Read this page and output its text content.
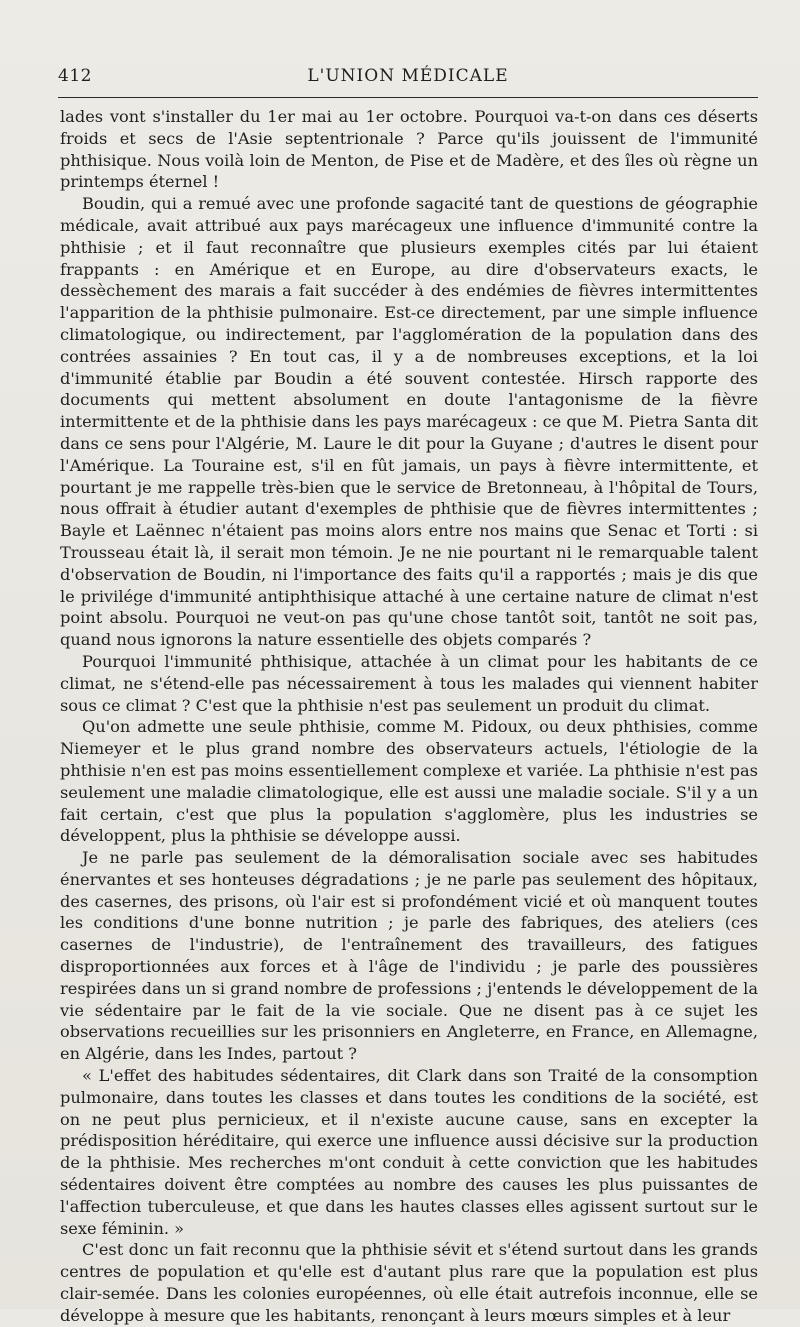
412	L'UNION MÉDICALE

lades vont s'installer du 1er mai au 1er octobre. Pourquoi va-t-on dans ces déserts froids et secs de l'Asie septentrionale ? Parce qu'ils jouissent de l'immunité phthisique. Nous voilà loin de Menton, de Pise et de Madère, et des îles où règne un printemps éternel !

Boudin, qui a remué avec une profonde sagacité tant de questions de géographie médicale, avait attribué aux pays marécageux une influence d'immunité contre la phthisie ; et il faut reconnaître que plusieurs exemples cités par lui étaient frappants : en Amérique et en Europe, au dire d'observateurs exacts, le dessèchement des marais a fait succéder à des endémies de fièvres intermittentes l'apparition de la phthisie pulmonaire. Est-ce directement, par une simple influence climatologique, ou indirectement, par l'agglomération de la population dans des contrées assainies ? En tout cas, il y a de nombreuses exceptions, et la loi d'immunité établie par Boudin a été souvent contestée. Hirsch rapporte des documents qui mettent absolument en doute l'antagonisme de la fièvre intermittente et de la phthisie dans les pays marécageux : ce que M. Pietra Santa dit dans ce sens pour l'Algérie, M. Laure le dit pour la Guyane ; d'autres le disent pour l'Amérique. La Touraine est, s'il en fût jamais, un pays à fièvre intermittente, et pourtant je me rappelle très-bien que le service de Bretonneau, à l'hôpital de Tours, nous offrait à étudier autant d'exemples de phthisie que de fièvres intermittentes ; Bayle et Laënnec n'étaient pas moins alors entre nos mains que Senac et Torti : si Trousseau était là, il serait mon témoin. Je ne nie pourtant ni le remarquable talent d'observation de Boudin, ni l'importance des faits qu'il a rapportés ; mais je dis que le privilége d'immunité antiphthisique attaché à une certaine nature de climat n'est point absolu. Pourquoi ne veut-on pas qu'une chose tantôt soit, tantôt ne soit pas, quand nous ignorons la nature essentielle des objets comparés ?

Pourquoi l'immunité phthisique, attachée à un climat pour les habitants de ce climat, ne s'étend-elle pas nécessairement à tous les malades qui viennent habiter sous ce climat ? C'est que la phthisie n'est pas seulement un produit du climat.

Qu'on admette une seule phthisie, comme M. Pidoux, ou deux phthisies, comme Niemeyer et le plus grand nombre des observateurs actuels, l'étiologie de la phthisie n'en est pas moins essentiellement complexe et variée. La phthisie n'est pas seulement une maladie climatologique, elle est aussi une maladie sociale. S'il y a un fait certain, c'est que plus la population s'agglomère, plus les industries se développent, plus la phthisie se développe aussi.

Je ne parle pas seulement de la démoralisation sociale avec ses habitudes énervantes et ses honteuses dégradations ; je ne parle pas seulement des hôpitaux, des casernes, des prisons, où l'air est si profondément vicié et où manquent toutes les conditions d'une bonne nutrition ; je parle des fabriques, des ateliers (ces casernes de l'industrie), de l'entraînement des travailleurs, des fatigues disproportionnées aux forces et à l'âge de l'individu ; je parle des poussières respirées dans un si grand nombre de professions ; j'entends le développement de la vie sédentaire par le fait de la vie sociale. Que ne disent pas à ce sujet les observations recueillies sur les prisonniers en Angleterre, en France, en Allemagne, en Algérie, dans les Indes, partout ?

« L'effet des habitudes sédentaires, dit Clark dans son Traité de la consomption pulmonaire, dans toutes les classes et dans toutes les conditions de la société, est on ne peut plus pernicieux, et il n'existe aucune cause, sans en excepter la prédisposition héréditaire, qui exerce une influence aussi décisive sur la production de la phthisie. Mes recherches m'ont conduit à cette conviction que les habitudes sédentaires doivent être comptées au nombre des causes les plus puissantes de l'affection tuberculeuse, et que dans les hautes classes elles agissent surtout sur le sexe féminin. »

C'est donc un fait reconnu que la phthisie sévit et s'étend surtout dans les grands centres de population et qu'elle est d'autant plus rare que la population est plus clair-semée. Dans les colonies européennes, où elle était autrefois inconnue, elle se développe à mesure que les habitants, renonçant à leurs mœurs simples et à leur
